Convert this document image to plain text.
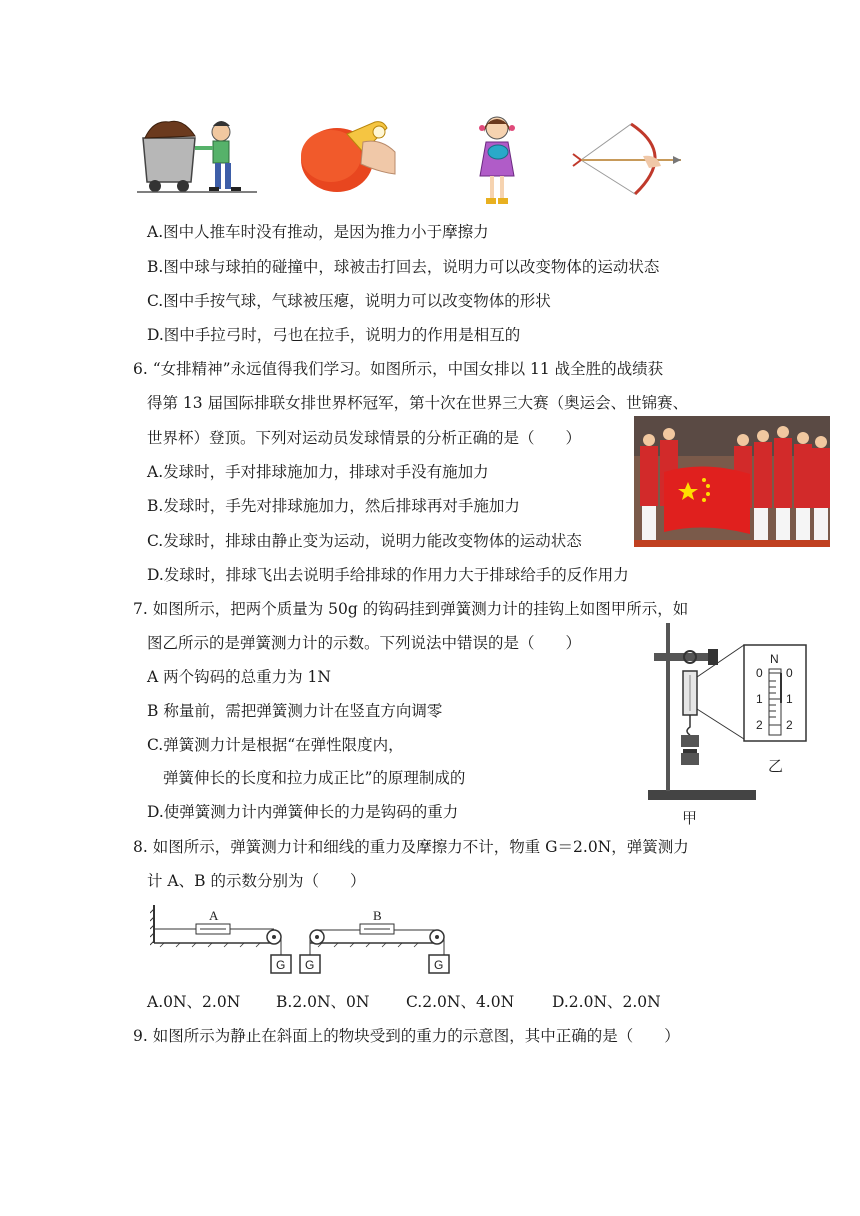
A.图中人推车时没有推动，是因为推力小于摩擦力
B.图中球与球拍的碰撞中，球被击打回去，说明力可以改变物体的运动状态
C.图中手按气球，气球被压瘪，说明力可以改变物体的形状
D.图中手拉弓时，弓也在拉手，说明力的作用是相互的
6. “女排精神”永远值得我们学习。如图所示，中国女排以 11 战全胜的战绩获
得第 13 届国际排联女排世界杯冠军，第十次在世界三大赛（奥运会、世锦赛、
世界杯）登顶。下列对运动员发球情景的分析正确的是（　　）
A.发球时，手对排球施加力，排球对手没有施加力
B.发球时，手先对排球施加力，然后排球再对手施加力
C.发球时，排球由静止变为运动，说明力能改变物体的运动状态
D.发球时，排球飞出去说明手给排球的作用力大于排球给手的反作用力
7. 如图所示，把两个质量为 50g 的钩码挂到弹簧测力计的挂钩上如图甲所示，如
图乙所示的是弹簧测力计的示数。下列说法中错误的是（　　）
A 两个钩码的总重力为 1N
B 称量前，需把弹簧测力计在竖直方向调零
C.弹簧测力计是根据“在弹性限度内，
弹簧伸长的长度和拉力成正比”的原理制成的
D.使弹簧测力计内弹簧伸长的力是钩码的重力
N
0
1
2
0
1
2
乙
甲
8. 如图所示，弹簧测力计和细线的重力及摩擦力不计，物重 G＝2.0N，弹簧测力
计 A、B 的示数分别为（　　）
G
A
G	G
B
A.0N、2.0N B.2.0N、0N C.2.0N、4.0N D.2.0N、2.0N
9. 如图所示为静止在斜面上的物块受到的重力的示意图，其中正确的是（　　）
